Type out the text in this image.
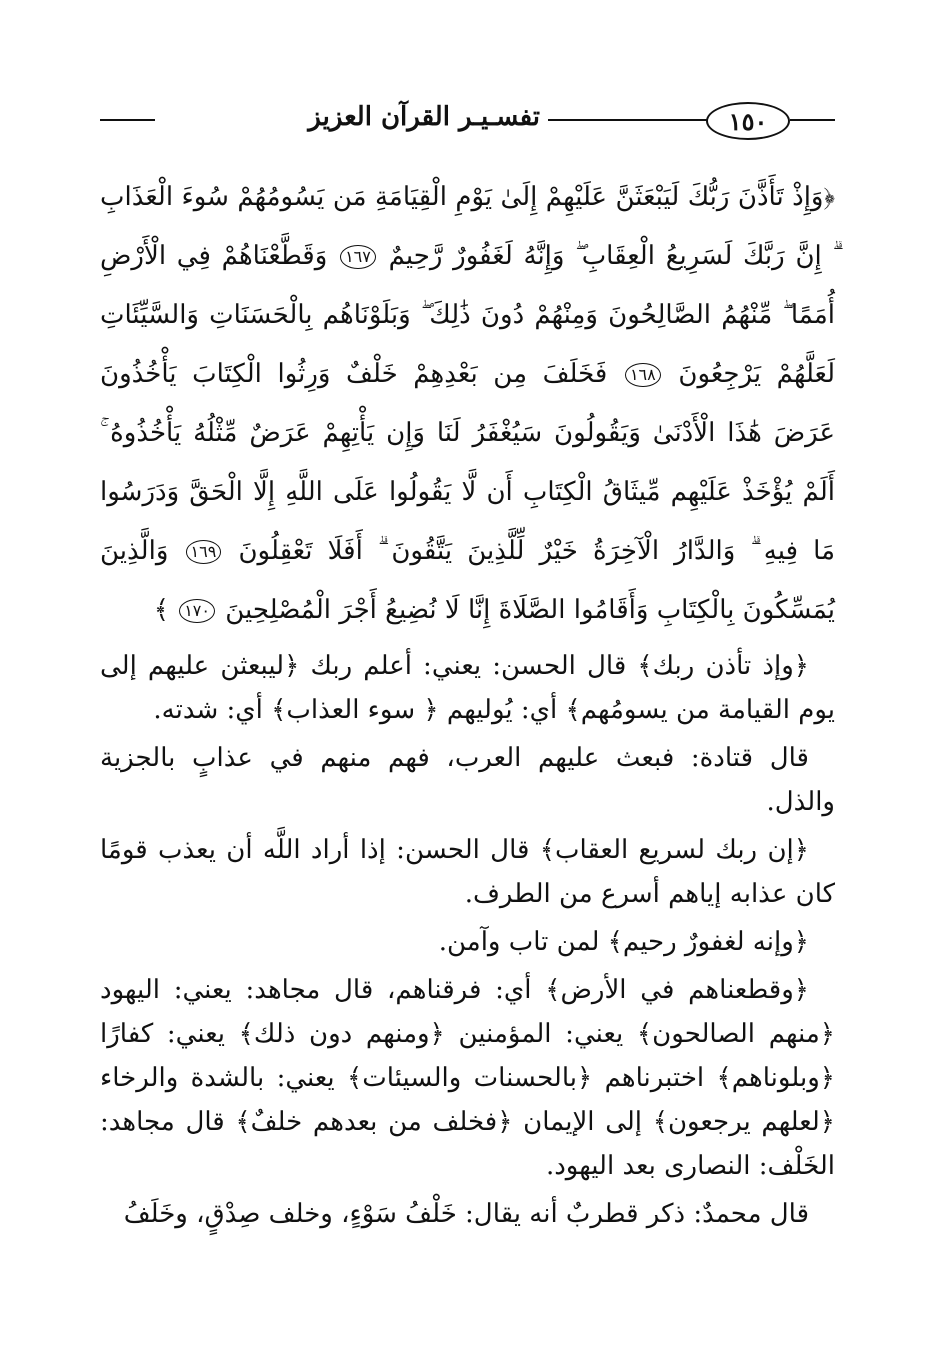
١٥٠
تفسـيـر القرآن العزيز
﴿وَإِذْ تَأَذَّنَ رَبُّكَ لَيَبْعَثَنَّ عَلَيْهِمْ إِلَىٰ يَوْمِ الْقِيَامَةِ مَن يَسُومُهُمْ سُوءَ الْعَذَابِ ۗ إِنَّ رَبَّكَ لَسَرِيعُ الْعِقَابِ ۖ وَإِنَّهُ لَغَفُورٌ رَّحِيمٌ ١٦٧ وَقَطَّعْنَاهُمْ فِي الْأَرْضِ أُمَمًا ۖ مِّنْهُمُ الصَّالِحُونَ وَمِنْهُمْ دُونَ ذَٰلِكَ ۖ وَبَلَوْنَاهُم بِالْحَسَنَاتِ وَالسَّيِّئَاتِ لَعَلَّهُمْ يَرْجِعُونَ ١٦٨ فَخَلَفَ مِن بَعْدِهِمْ خَلْفٌ وَرِثُوا الْكِتَابَ يَأْخُذُونَ عَرَضَ هَٰذَا الْأَدْنَىٰ وَيَقُولُونَ سَيُغْفَرُ لَنَا وَإِن يَأْتِهِمْ عَرَضٌ مِّثْلُهُ يَأْخُذُوهُ ۚ أَلَمْ يُؤْخَذْ عَلَيْهِم مِّيثَاقُ الْكِتَابِ أَن لَّا يَقُولُوا عَلَى اللَّهِ إِلَّا الْحَقَّ وَدَرَسُوا مَا فِيهِ ۗ وَالدَّارُ الْآخِرَةُ خَيْرٌ لِّلَّذِينَ يَتَّقُونَ ۗ أَفَلَا تَعْقِلُونَ ١٦٩ وَالَّذِينَ يُمَسِّكُونَ بِالْكِتَابِ وَأَقَامُوا الصَّلَاةَ إِنَّا لَا نُضِيعُ أَجْرَ الْمُصْلِحِينَ ١٧٠ ﴾

﴿وإذ تأذن ربك﴾ قال الحسن: يعني: أعلم ربك ﴿ليبعثن عليهم إلى يوم القيامة من يسومُهم﴾ أي: يُوليهم ﴿ سوء العذاب﴾ أي: شدته.

قال قتادة: فبعث عليهم العرب، فهم منهم في عذابٍ بالجزية والذل.

﴿إن ربك لسريع العقاب﴾ قال الحسن: إذا أراد اللَّه أن يعذب قومًا كان عذابه إياهم أسرع من الطرف.

﴿وإنه لغفورٌ رحيم﴾ لمن تاب وآمن.

﴿وقطعناهم في الأرض﴾ أي: فرقناهم، قال مجاهد: يعني: اليهود ﴿منهم الصالحون﴾ يعني: المؤمنين ﴿ومنهم دون ذلك﴾ يعني: كفارًا ﴿وبلوناهم﴾ اختبرناهم ﴿بالحسنات والسيئات﴾ يعني: بالشدة والرخاء ﴿لعلهم يرجعون﴾ إلى الإيمان ﴿فخلف من بعدهم خلفٌ﴾ قال مجاهد: الخَلْف: النصارى بعد اليهود.

قال محمدٌ: ذكر قطربٌ أنه يقال: خَلْفُ سَوْءٍ، وخلف صِدْقٍ، وخَلَفُ
